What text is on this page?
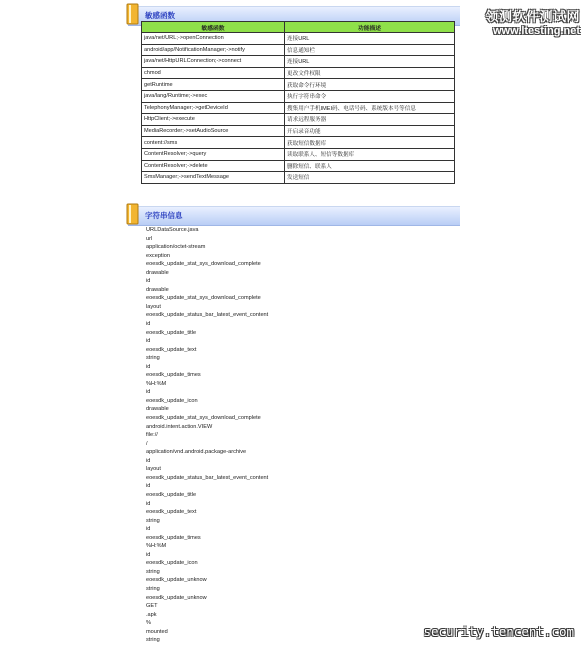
敏感函数
敏感函数	功能描述
java/net/URL;->openConnection	连接URL
android/app/NotificationManager;->notify	信息通知栏
java/net/HttpURLConnection;->connect	连接URL
chmod	更改文件权限
getRuntime	获取命令行环境
java/lang/Runtime;->exec	执行字符串命令
TelephonyManager;->getDeviceId	搜集用户手机IMEI码、电话号码、系统版本号等信息
HttpClient;->execute	请求远程服务器
MediaRecorder;->setAudioSource	开启录音功能
content://sms	获取短信数据库
ContentResolver;->query	读取联系人、短信等数据库
ContentResolver;->delete	删除短信、联系人
SmsManager;->sendTextMessage	发送短信
字符串信息
URLDataSource.java
url
application/octet-stream
exception
eoesdk_update_stat_sys_download_complete
drawable
id
drawable
eoesdk_update_stat_sys_download_complete
layout
eoesdk_update_status_bar_latest_event_content
id
eoesdk_update_title
id
eoesdk_update_text
string
id
eoesdk_update_times
%H:%M
id
eoesdk_update_icon
drawable
eoesdk_update_stat_sys_download_complete
android.intent.action.VIEW
file://
/
application/vnd.android.package-archive
id
layout
eoesdk_update_status_bar_latest_event_content
id
eoesdk_update_title
id
eoesdk_update_text
string
id
eoesdk_update_times
%H:%M
id
eoesdk_update_icon
string
eoesdk_update_unknow
string
eoesdk_update_unknow
GET
.apk
%
mounted
string
领测软件测试网
www.ltesting.net
security.tencent.com
